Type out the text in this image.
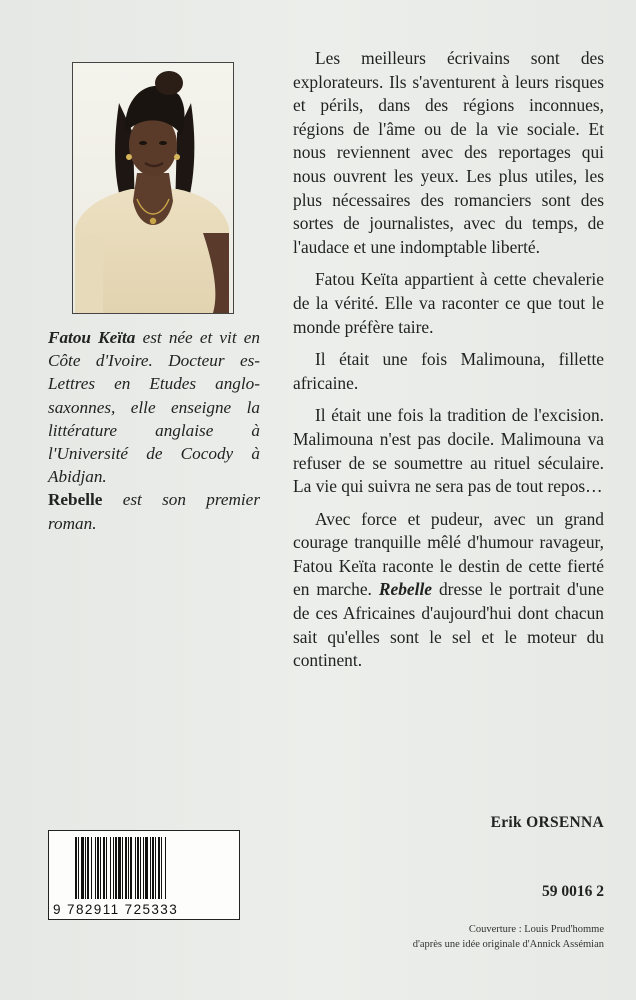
Fatou Keïta est née et vit en Côte d'Ivoire. Docteur es-Lettres en Etudes anglo-saxonnes, elle enseigne la littérature anglaise à l'Université de Cocody à Abidjan.

Rebelle est son premier roman.

Les meilleurs écrivains sont des explorateurs. Ils s'aventurent à leurs risques et périls, dans des régions inconnues, régions de l'âme ou de la vie sociale. Et nous reviennent avec des reportages qui nous ouvrent les yeux. Les plus utiles, les plus nécessaires des romanciers sont des sortes de journalistes, avec du temps, de l'audace et une indomptable liberté.

Fatou Keïta appartient à cette chevalerie de la vérité. Elle va raconter ce que tout le monde préfère taire.

Il était une fois Malimouna, fillette africaine.

Il était une fois la tradition de l'excision. Malimouna n'est pas docile. Malimouna va refuser de se soumettre au rituel séculaire. La vie qui suivra ne sera pas de tout repos…

Avec force et pudeur, avec un grand courage tranquille mêlé d'humour ravageur, Fatou Keïta raconte le destin de cette fierté en marche. Rebelle dresse le portrait d'une de ces Africaines d'aujourd'hui dont chacun sait qu'elles sont le sel et le moteur du continent.

Erik ORSENNA
9 782911 725333
59 0016 2
Couverture : Louis Prud'homme
d'après une idée originale d'Annick Assémian
